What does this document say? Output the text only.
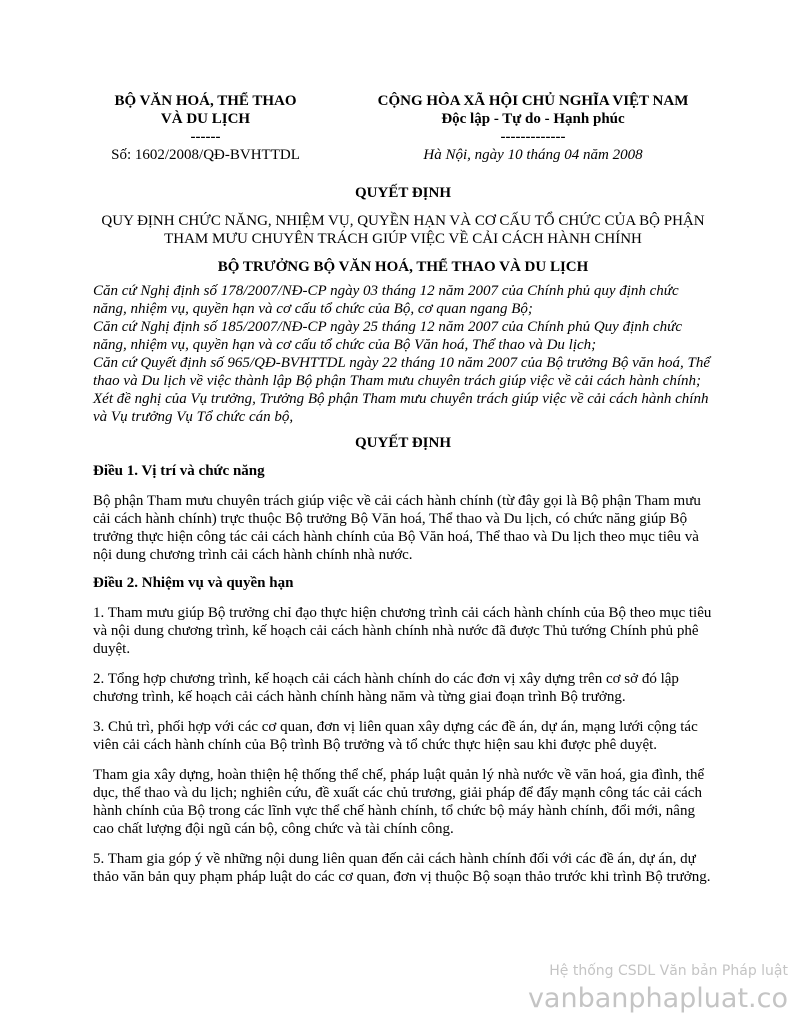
BỘ VĂN HOÁ, THỂ THAO
VÀ DU LỊCH
------
Số: 1602/2008/QĐ-BVHTTDL
CỘNG HÒA XÃ HỘI CHỦ NGHĨA VIỆT NAM
Độc lập - Tự do - Hạnh phúc
-------------
Hà Nội, ngày 10 tháng 04 năm 2008
QUYẾT ĐỊNH
QUY ĐỊNH CHỨC NĂNG, NHIỆM VỤ, QUYỀN HẠN VÀ CƠ CẤU TỔ CHỨC CỦA BỘ PHẬN THAM MƯU CHUYÊN TRÁCH GIÚP VIỆC VỀ CẢI CÁCH HÀNH CHÍNH
BỘ TRƯỞNG BỘ VĂN HOÁ, THỂ THAO VÀ DU LỊCH
Căn cứ Nghị định số 178/2007/NĐ-CP ngày 03 tháng 12 năm 2007 của Chính phủ quy định chức năng, nhiệm vụ, quyền hạn và cơ cấu tổ chức của Bộ, cơ quan ngang Bộ;
Căn cứ Nghị định số 185/2007/NĐ-CP ngày 25 tháng 12 năm 2007 của Chính phủ Quy định chức năng, nhiệm vụ, quyền hạn và cơ cấu tổ chức của Bộ Văn hoá, Thể thao và Du lịch;
Căn cứ Quyết định số 965/QĐ-BVHTTDL ngày 22 tháng 10 năm 2007 của Bộ trưởng Bộ văn hoá, Thể thao và Du lịch về việc thành lập Bộ phận Tham mưu chuyên trách giúp việc về cải cách hành chính;
Xét đề nghị của Vụ trưởng, Trưởng Bộ phận Tham mưu chuyên trách giúp việc về cải cách hành chính và Vụ trưởng Vụ Tổ chức cán bộ,
QUYẾT ĐỊNH
Điều 1. Vị trí và chức năng
Bộ phận Tham mưu chuyên trách giúp việc về cải cách hành chính (từ đây gọi là Bộ phận Tham mưu cải cách hành chính) trực thuộc Bộ trưởng Bộ Văn hoá, Thể thao và Du lịch, có chức năng giúp Bộ trưởng thực hiện công tác cải cách hành chính của Bộ Văn hoá, Thể thao và Du lịch theo mục tiêu và nội dung chương trình cải cách hành chính nhà nước.
Điều 2. Nhiệm vụ và quyền hạn
1. Tham mưu giúp Bộ trưởng chỉ đạo thực hiện chương trình cải cách hành chính của Bộ theo mục tiêu và nội dung chương trình, kế hoạch cải cách hành chính nhà nước đã được Thủ tướng Chính phủ phê duyệt.
2. Tổng hợp chương trình, kế hoạch cải cách hành chính do các đơn vị xây dựng trên cơ sở đó lập chương trình, kế hoạch cải cách hành chính hàng năm và từng giai đoạn trình Bộ trưởng.
3. Chủ trì, phối hợp với các cơ quan, đơn vị liên quan xây dựng các đề án, dự án, mạng lưới cộng tác viên cải cách hành chính của Bộ trình Bộ trưởng và tổ chức thực hiện sau khi được phê duyệt.
Tham gia xây dựng, hoàn thiện hệ thống thể chế, pháp luật quản lý nhà nước về văn hoá, gia đình, thể dục, thể thao và du lịch; nghiên cứu, đề xuất các chủ trương, giải pháp để đẩy mạnh công tác cải cách hành chính của Bộ trong các lĩnh vực thể chế hành chính, tổ chức bộ máy hành chính, đổi mới, nâng cao chất lượng đội ngũ cán bộ, công chức và tài chính công.
5. Tham gia góp ý về những nội dung liên quan đến cải cách hành chính đối với các đề án, dự án, dự thảo văn bản quy phạm pháp luật do các cơ quan, đơn vị thuộc Bộ soạn thảo trước khi trình Bộ trưởng.
Hệ thống CSDL Văn bản Pháp luật
vanbanphapluat.co
